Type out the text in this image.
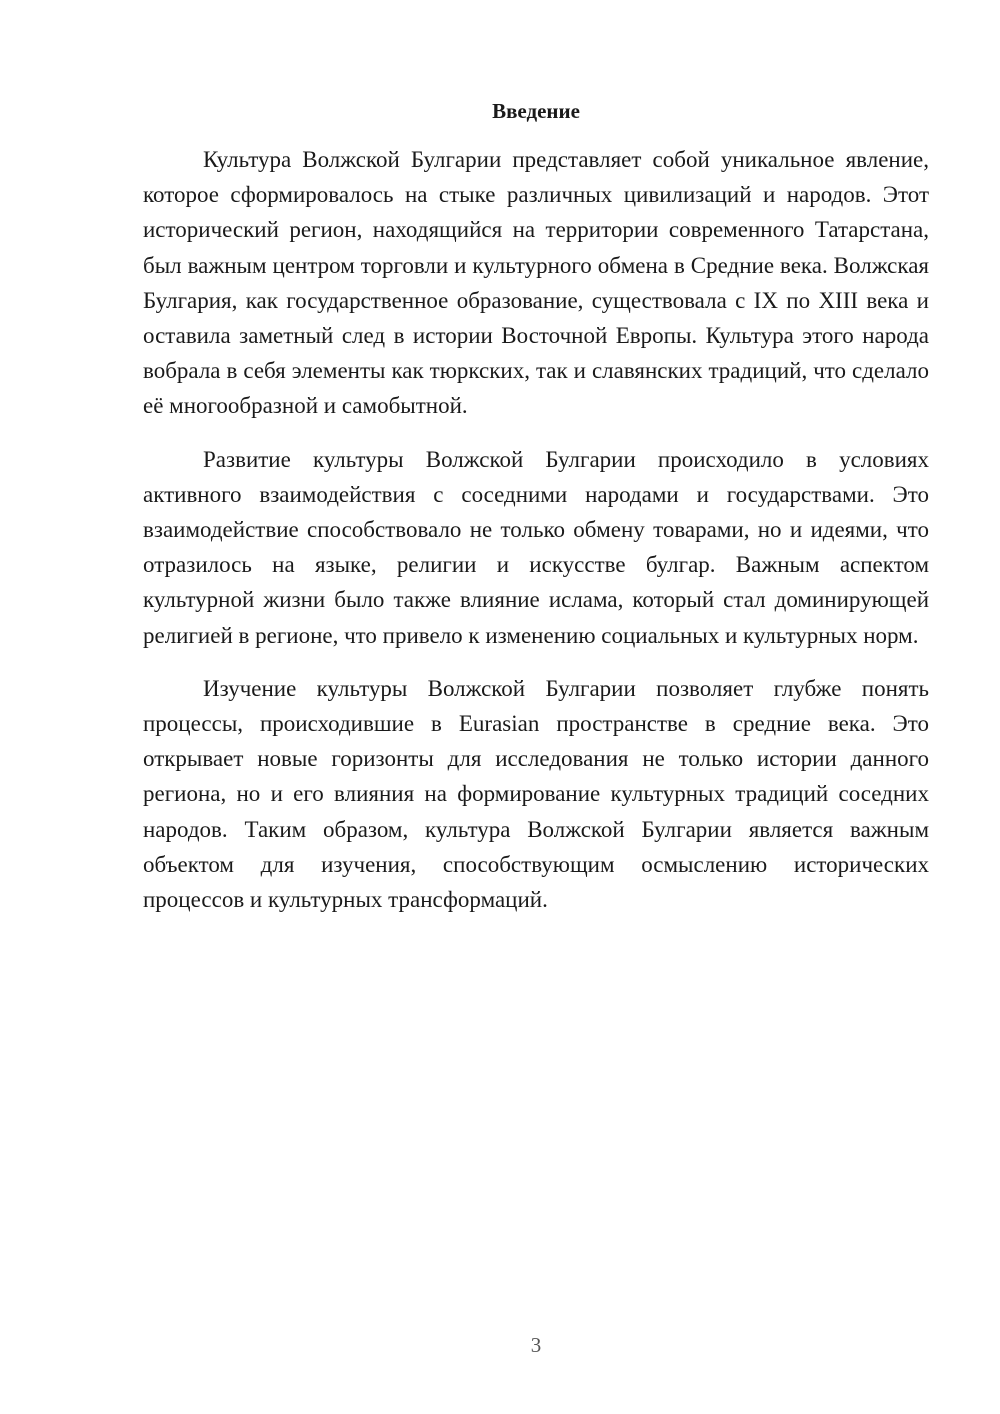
Введение

Культура Волжской Булгарии представляет собой уникальное явление, которое сформировалось на стыке различных цивилизаций и народов. Этот исторический регион, находящийся на территории современного Татарстана, был важным центром торговли и культурного обмена в Средние века. Волжская Булгария, как государственное образование, существовала с IX по XIII века и оставила заметный след в истории Восточной Европы. Культура этого народа вобрала в себя элементы как тюркских, так и славянских традиций, что сделало её многообразной и самобытной.

Развитие культуры Волжской Булгарии происходило в условиях активного взаимодействия с соседними народами и государствами. Это взаимодействие способствовало не только обмену товарами, но и идеями, что отразилось на языке, религии и искусстве булгар. Важным аспектом культурной жизни было также влияние ислама, который стал доминирующей религией в регионе, что привело к изменению социальных и культурных норм.

Изучение культуры Волжской Булгарии позволяет глубже понять процессы, происходившие в Eurasian пространстве в средние века. Это открывает новые горизонты для исследования не только истории данного региона, но и его влияния на формирование культурных традиций соседних народов. Таким образом, культура Волжской Булгарии является важным объектом для изучения, способствующим осмыслению исторических процессов и культурных трансформаций.

3
